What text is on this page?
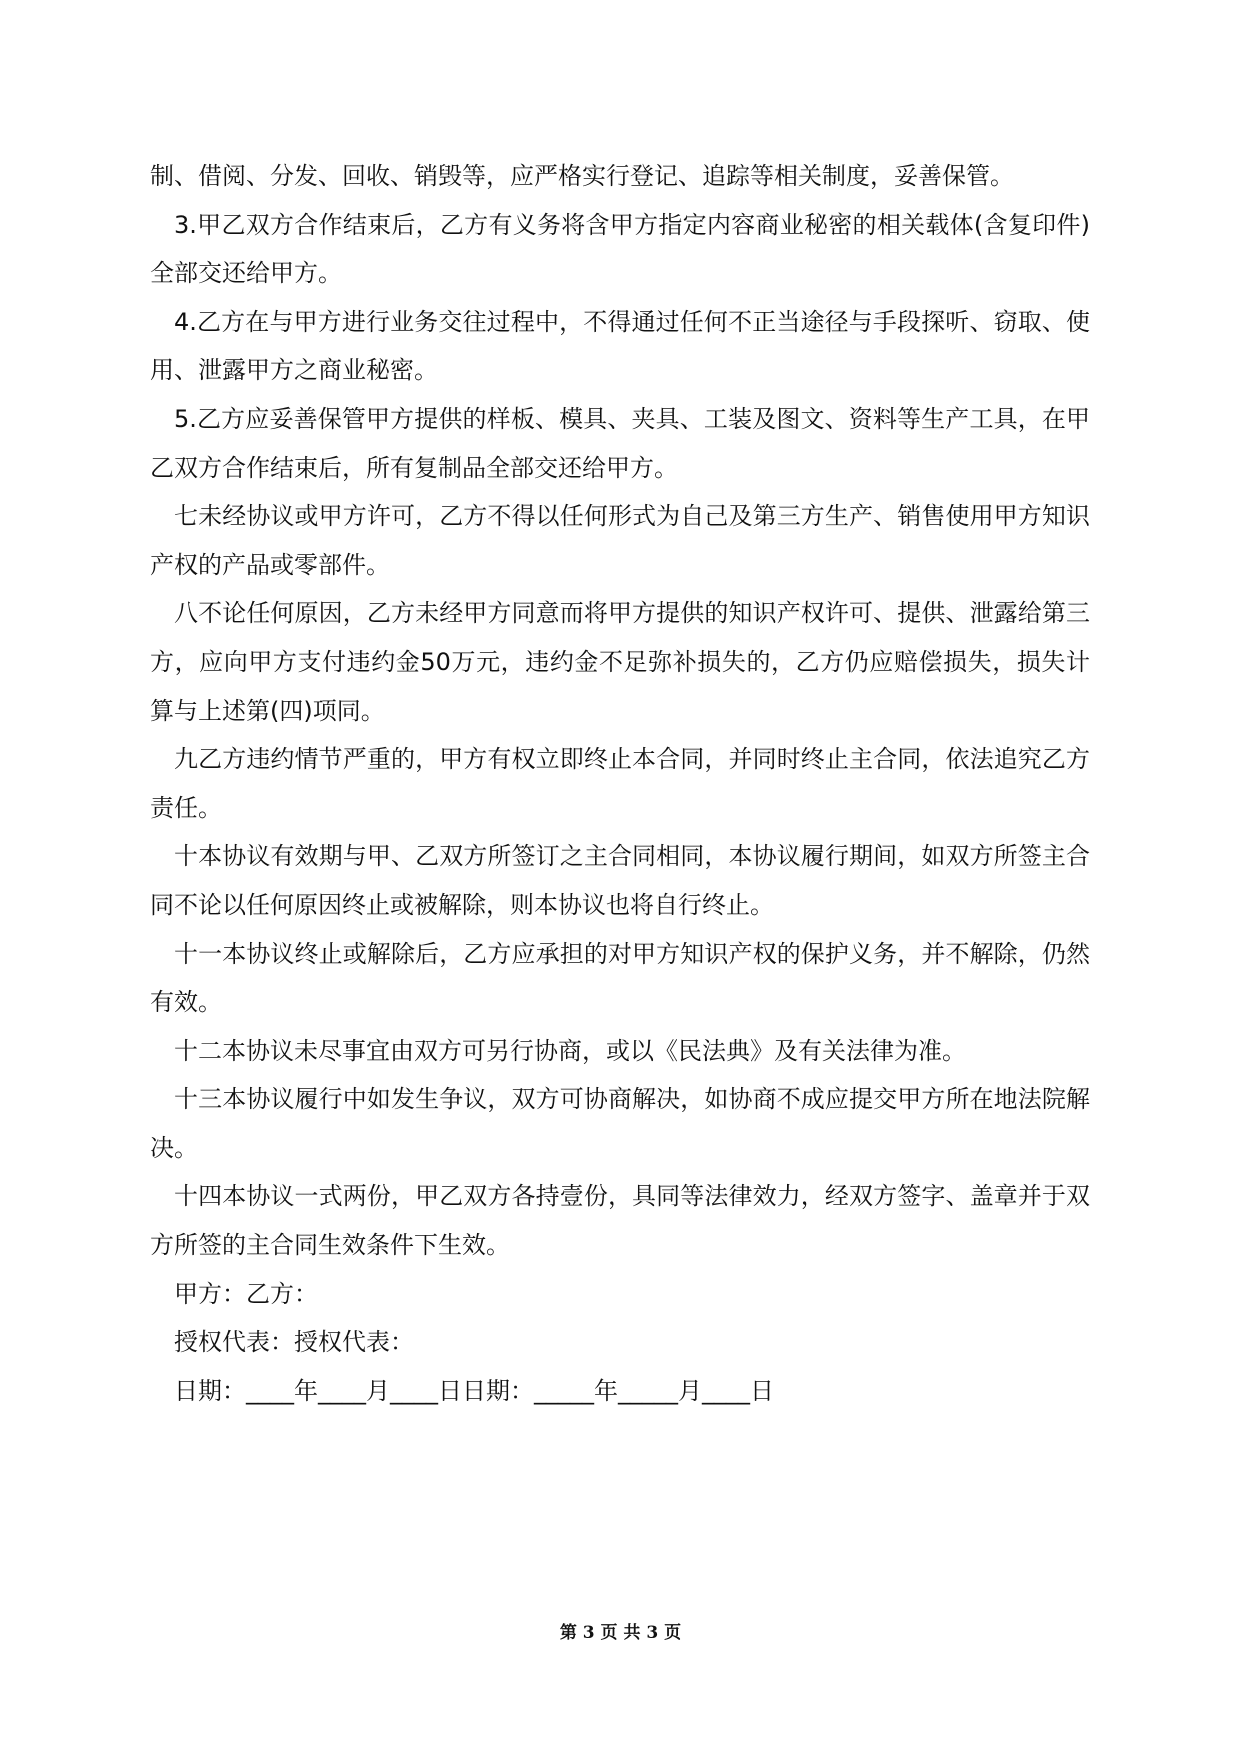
制、借阅、分发、回收、销毁等，应严格实行登记、追踪等相关制度，妥善保管。

3.甲乙双方合作结束后，乙方有义务将含甲方指定内容商业秘密的相关载体(含复印件)全部交还给甲方。

4.乙方在与甲方进行业务交往过程中，不得通过任何不正当途径与手段探听、窃取、使用、泄露甲方之商业秘密。

5.乙方应妥善保管甲方提供的样板、模具、夹具、工装及图文、资料等生产工具，在甲乙双方合作结束后，所有复制品全部交还给甲方。

七未经协议或甲方许可，乙方不得以任何形式为自己及第三方生产、销售使用甲方知识产权的产品或零部件。

八不论任何原因，乙方未经甲方同意而将甲方提供的知识产权许可、提供、泄露给第三方，应向甲方支付违约金50万元，违约金不足弥补损失的，乙方仍应赔偿损失，损失计算与上述第(四)项同。

九乙方违约情节严重的，甲方有权立即终止本合同，并同时终止主合同，依法追究乙方责任。

十本协议有效期与甲、乙双方所签订之主合同相同，本协议履行期间，如双方所签主合同不论以任何原因终止或被解除，则本协议也将自行终止。

十一本协议终止或解除后，乙方应承担的对甲方知识产权的保护义务，并不解除，仍然有效。

十二本协议未尽事宜由双方可另行协商，或以《民法典》及有关法律为准。

十三本协议履行中如发生争议，双方可协商解决，如协商不成应提交甲方所在地法院解决。

十四本协议一式两份，甲乙双方各持壹份，具同等法律效力，经双方签字、盖章并于双方所签的主合同生效条件下生效。

甲方：乙方：

授权代表：授权代表：

日期：____年____月____日日期：_____年_____月____日

第 3 页 共 3 页
